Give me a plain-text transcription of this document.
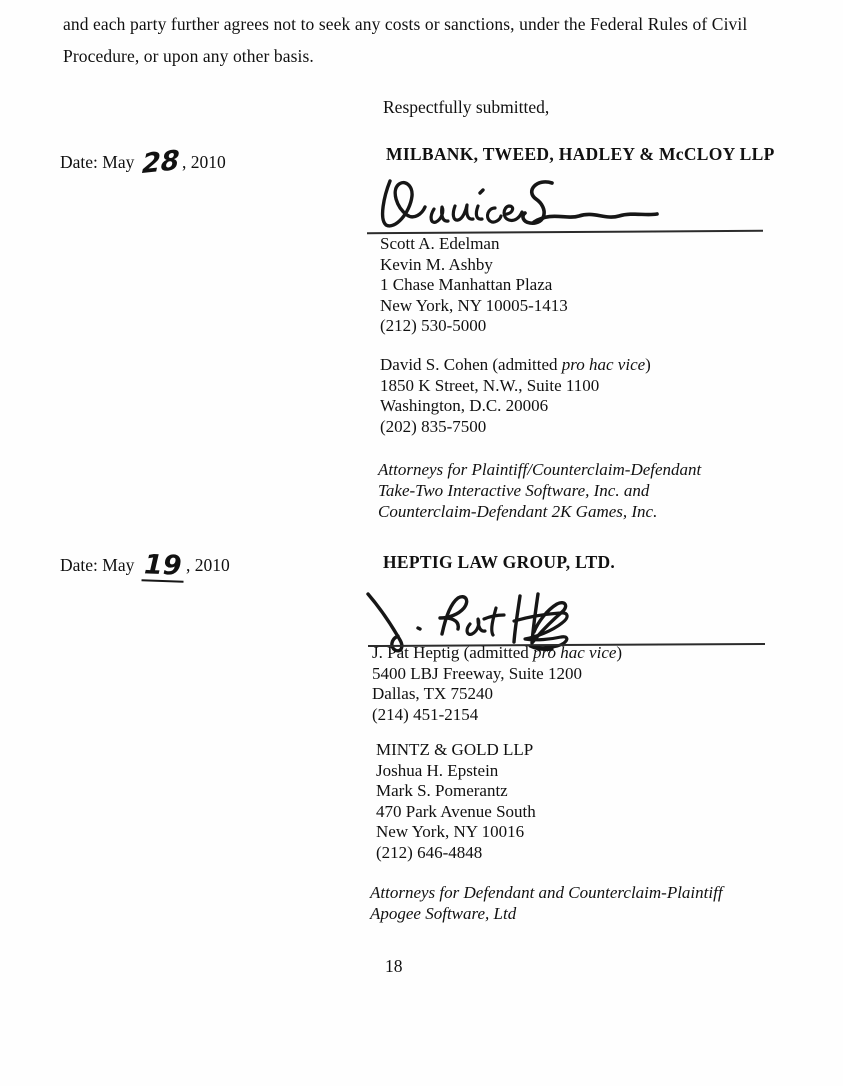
and each party further agrees not to seek any costs or sanctions, under the Federal Rules of Civil
Procedure, or upon any other basis.
Respectfully submitted,
Date: May 28 , 2010	MILBANK, TWEED, HADLEY & McCLOY LLP
Scott A. Edelman
Kevin M. Ashby
1 Chase Manhattan Plaza
New York, NY 10005-1413
(212) 530-5000
David S. Cohen (admitted pro hac vice)
1850 K Street, N.W., Suite 1100
Washington, D.C. 20006
(202) 835-7500
Attorneys for Plaintiff/Counterclaim-Defendant
Take-Two Interactive Software, Inc. and
Counterclaim-Defendant 2K Games, Inc.
Date: May 19 , 2010	HEPTIG LAW GROUP, LTD.
J. Pat Heptig (admitted pro hac vice)
5400 LBJ Freeway, Suite 1200
Dallas, TX 75240
(214) 451-2154
MINTZ & GOLD LLP
Joshua H. Epstein
Mark S. Pomerantz
470 Park Avenue South
New York, NY 10016
(212) 646-4848
Attorneys for Defendant and Counterclaim-Plaintiff
Apogee Software, Ltd
18
